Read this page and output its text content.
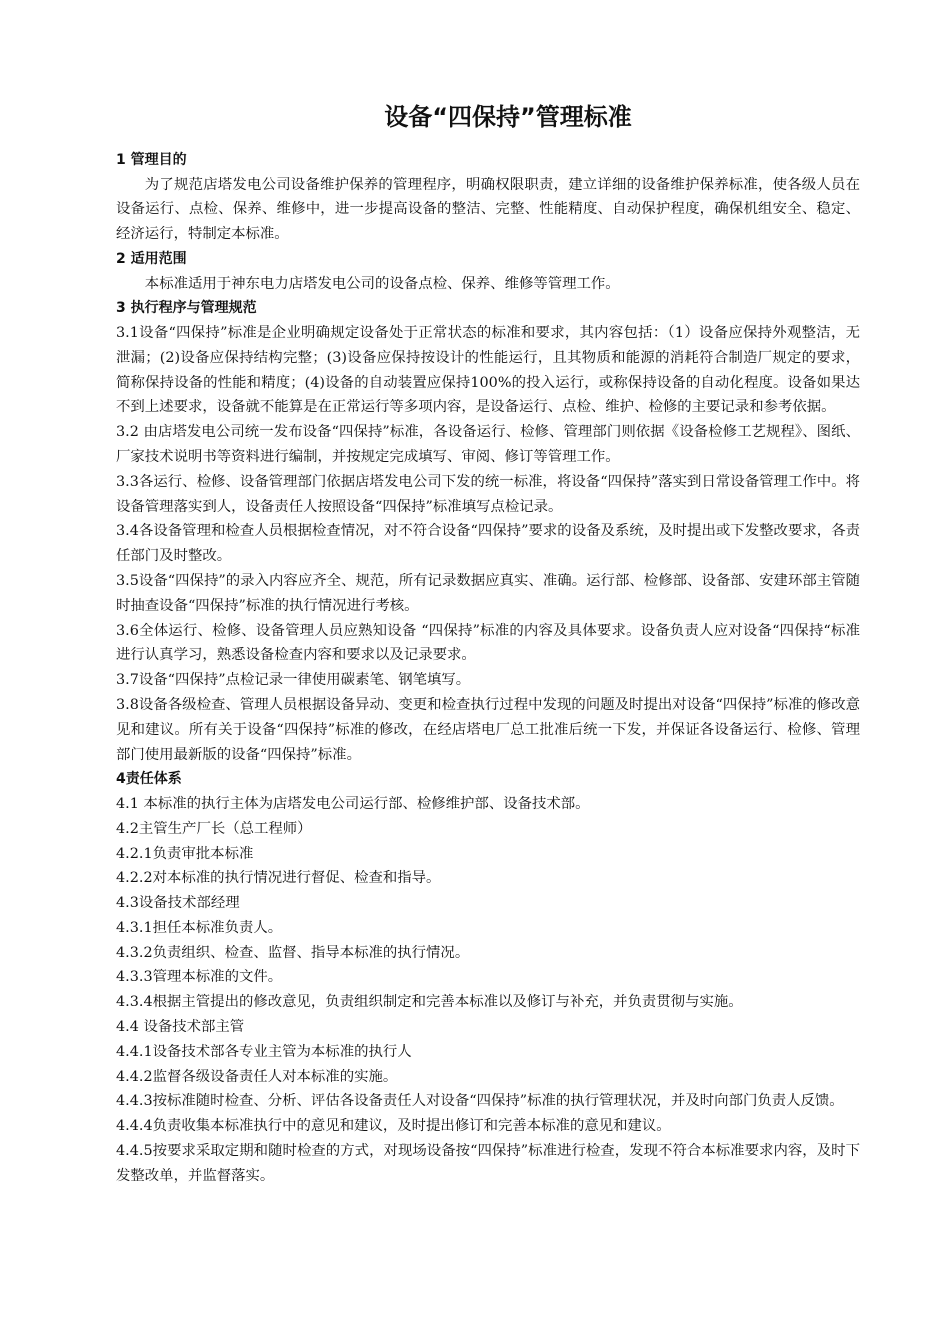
设备“四保持”管理标准

1 管理目的

为了规范店塔发电公司设备维护保养的管理程序，明确权限职责，建立详细的设备维护保养标准，使各级人员在设备运行、点检、保养、维修中，进一步提高设备的整洁、完整、性能精度、自动保护程度，确保机组安全、稳定、经济运行，特制定本标准。

2 适用范围

本标准适用于神东电力店塔发电公司的设备点检、保养、维修等管理工作。

3 执行程序与管理规范

3.1设备“四保持”标准是企业明确规定设备处于正常状态的标准和要求，其内容包括：（1）设备应保持外观整洁，无泄漏；(2)设备应保持结构完整；(3)设备应保持按设计的性能运行，且其物质和能源的消耗符合制造厂规定的要求，简称保持设备的性能和精度；(4)设备的自动装置应保持100%的投入运行，或称保持设备的自动化程度。设备如果达不到上述要求，设备就不能算是在正常运行等多项内容，是设备运行、点检、维护、检修的主要记录和参考依据。

3.2 由店塔发电公司统一发布设备“四保持”标准，各设备运行、检修、管理部门则依据《设备检修工艺规程》、图纸、厂家技术说明书等资料进行编制，并按规定完成填写、审阅、修订等管理工作。

3.3各运行、检修、设备管理部门依据店塔发电公司下发的统一标准，将设备“四保持”落实到日常设备管理工作中。将设备管理落实到人，设备责任人按照设备“四保持”标准填写点检记录。

3.4各设备管理和检查人员根据检查情况，对不符合设备“四保持”要求的设备及系统，及时提出或下发整改要求，各责任部门及时整改。

3.5设备“四保持”的录入内容应齐全、规范，所有记录数据应真实、准确。运行部、检修部、设备部、安建环部主管随时抽查设备“四保持”标准的执行情况进行考核。

3.6全体运行、检修、设备管理人员应熟知设备 “四保持”标准的内容及具体要求。设备负责人应对设备“四保持“标准进行认真学习，熟悉设备检查内容和要求以及记录要求。

3.7设备“四保持”点检记录一律使用碳素笔、钢笔填写。

3.8设备各级检查、管理人员根据设备异动、变更和检查执行过程中发现的问题及时提出对设备“四保持”标准的修改意见和建议。所有关于设备“四保持”标准的修改，在经店塔电厂总工批准后统一下发，并保证各设备运行、检修、管理部门使用最新版的设备“四保持”标准。

4责任体系

4.1 本标准的执行主体为店塔发电公司运行部、检修维护部、设备技术部。

4.2主管生产厂长（总工程师）

4.2.1负责审批本标准

4.2.2对本标准的执行情况进行督促、检查和指导。

4.3设备技术部经理

4.3.1担任本标准负责人。

4.3.2负责组织、检查、监督、指导本标准的执行情况。

4.3.3管理本标准的文件。

4.3.4根据主管提出的修改意见，负责组织制定和完善本标准以及修订与补充，并负责贯彻与实施。

4.4 设备技术部主管

4.4.1设备技术部各专业主管为本标准的执行人

4.4.2监督各级设备责任人对本标准的实施。

4.4.3按标准随时检查、分析、评估各设备责任人对设备“四保持”标准的执行管理状况，并及时向部门负责人反馈。

4.4.4负责收集本标准执行中的意见和建议，及时提出修订和完善本标准的意见和建议。

4.4.5按要求采取定期和随时检查的方式，对现场设备按“四保持”标准进行检查，发现不符合本标准要求内容，及时下发整改单，并监督落实。
